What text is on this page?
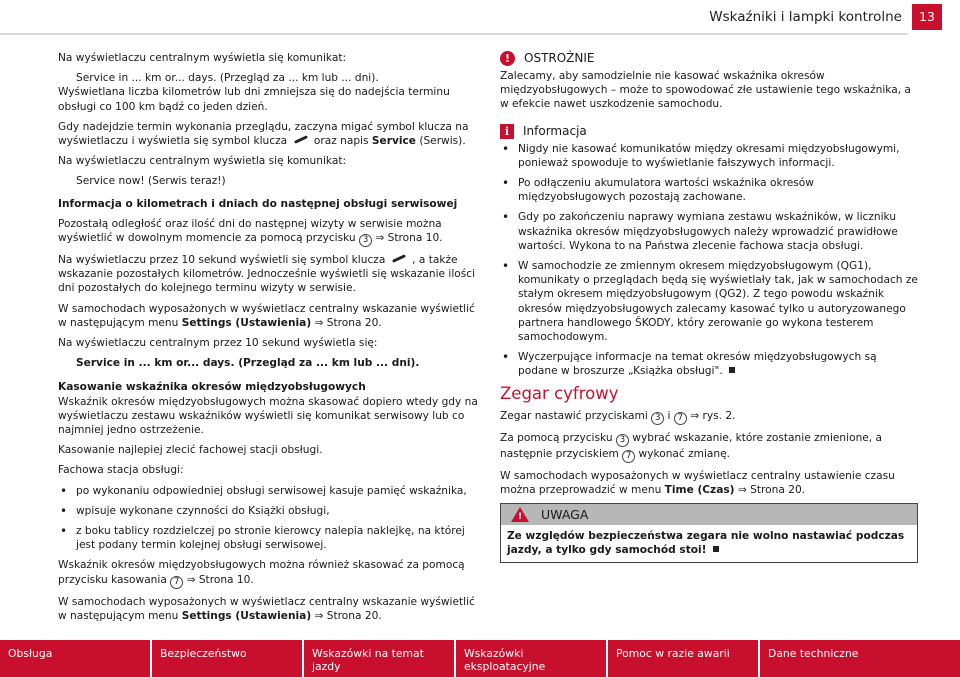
Wskaźniki i lampki kontrolne	13

Na wyświetlaczu centralnym wyświetla się komunikat:

Service in ... km or... days. (Przegląd za ... km lub ... dni).

Wyświetlana liczba kilometrów lub dni zmniejsza się do nadejścia terminu obsługi co 100 km bądź co jeden dzień.

Gdy nadejdzie termin wykonania przeglądu, zaczyna migać symbol klucza na wyświetlaczu i wyświetla się symbol klucza	oraz napis Service (Serwis).

Na wyświetlaczu centralnym wyświetla się komunikat:

Service now! (Serwis teraz!)

Informacja o kilometrach i dniach do następnej obsługi serwisowej

Pozostałą odległość oraz ilość dni do następnej wizyty w serwisie można wyświetlić w dowolnym momencie za pomocą przycisku 3 ⇒ Strona 10.

Na wyświetlaczu przez 10 sekund wyświetli się symbol klucza	, a także wskazanie pozostałych kilometrów. Jednocześnie wyświetli się wskazanie ilości dni pozostałych do kolejnego terminu wizyty w serwisie.

W samochodach wyposażonych w wyświetlacz centralny wskazanie wyświetlić w następującym menu Settings (Ustawienia) ⇒ Strona 20.

Na wyświetlaczu centralnym przez 10 sekund wyświetla się:

Service in ... km or... days. (Przegląd za ... km lub ... dni).

Kasowanie wskaźnika okresów międzyobsługowych

Wskaźnik okresów międzyobsługowych można skasować dopiero wtedy gdy na wyświetlaczu zestawu wskaźników wyświetli się komunikat serwisowy lub co najmniej jedno ostrzeżenie.

Kasowanie najlepiej zlecić fachowej stacji obsługi.

Fachowa stacja obsługi:

• po wykonaniu odpowiedniej obsługi serwisowej kasuje pamięć wskaźnika,

• wpisuje wykonane czynności do Książki obsługi,

• z boku tablicy rozdzielczej po stronie kierowcy nalepia naklejkę, na której jest podany termin kolejnej obsługi serwisowej.

Wskaźnik okresów międzyobsługowych można również skasować za pomocą przycisku kasowania 7 ⇒ Strona 10.

W samochodach wyposażonych w wyświetlacz centralny wskazanie wyświetlić w następującym menu Settings (Ustawienia) ⇒ Strona 20.

!	OSTROŻNIE

Zalecamy, aby samodzielnie nie kasować wskaźnika okresów międzyobsługowych – może to spowodować złe ustawienie tego wskaźnika, a w efekcie nawet uszkodzenie samochodu.

i	Informacja

• Nigdy nie kasować komunikatów między okresami międzyobsługowymi, ponieważ spowoduje to wyświetlanie fałszywych informacji.

• Po odłączeniu akumulatora wartości wskaźnika okresów międzyobsługowych pozostają zachowane.

• Gdy po zakończeniu naprawy wymiana zestawu wskaźników, w liczniku wskaźnika okresów międzyobsługowych należy wprowadzić prawidłowe wartości. Wykona to na Państwa zlecenie fachowa stacja obsługi.

• W samochodzie ze zmiennym okresem międzyobsługowym (QG1), komunikaty o przeglądach będą się wyświetlały tak, jak w samochodach ze stałym okresem międzyobsługowym (QG2). Z tego powodu wskaźnik okresów międzyobsługowych zalecamy kasować tylko u autoryzowanego partnera handlowego ŠKODY, który zerowanie go wykona testerem samochodowym.

• Wyczerpujące informacje na temat okresów międzyobsługowych są podane w broszurze „Książka obsługi".

Zegar cyfrowy

Zegar nastawić przyciskami 3 i 7 ⇒ rys. 2.

Za pomocą przycisku 3 wybrać wskazanie, które zostanie zmienione, a następnie przyciskiem 7 wykonać zmianę.

W samochodach wyposażonych w wyświetlacz centralny ustawienie czasu można przeprowadzić w menu Time (Czas) ⇒ Strona 20.

! UWAGA
Ze względów bezpieczeństwa zegara nie wolno nastawiać podczas jazdy, a tylko gdy samochód stoi!
Obsługa	Bezpieczeństwo	Wskazówki na temat jazdy
Wskazówki eksploatacyjne
Pomoc w razie awarii	Dane techniczne
